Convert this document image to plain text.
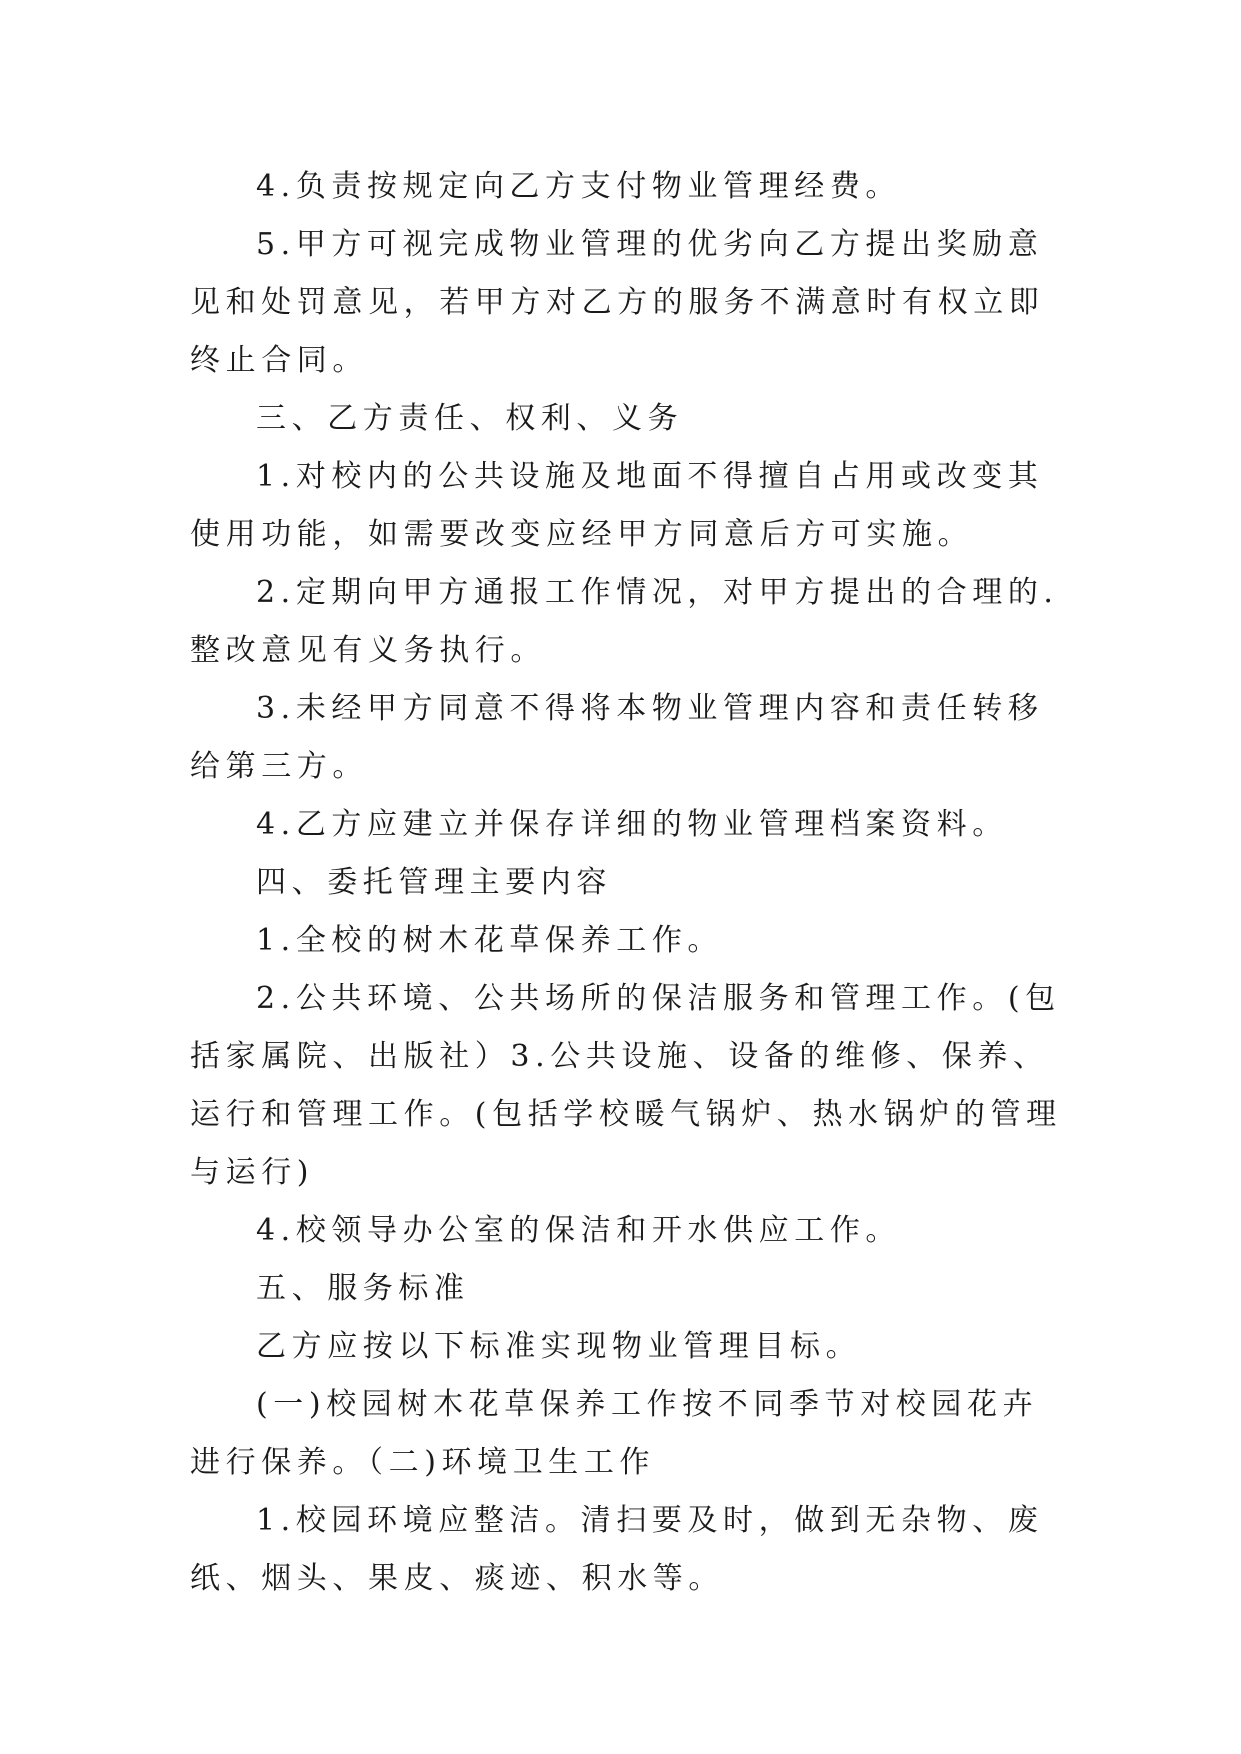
4.负责按规定向乙方支付物业管理经费。

5.甲方可视完成物业管理的优劣向乙方提出奖励意见和处罚意见，若甲方对乙方的服务不满意时有权立即终止合同。

三、乙方责任、权利、义务

1.对校内的公共设施及地面不得擅自占用或改变其使用功能，如需要改变应经甲方同意后方可实施。

2.定期向甲方通报工作情况，对甲方提出的合理的.整改意见有义务执行。

3.未经甲方同意不得将本物业管理内容和责任转移给第三方。

4.乙方应建立并保存详细的物业管理档案资料。

四、委托管理主要内容

1.全校的树木花草保养工作。

2.公共环境、公共场所的保洁服务和管理工作。(包括家属院、出版社）3.公共设施、设备的维修、保养、运行和管理工作。(包括学校暖气锅炉、热水锅炉的管理与运行)

4.校领导办公室的保洁和开水供应工作。

五、服务标准

乙方应按以下标准实现物业管理目标。

(一)校园树木花草保养工作按不同季节对校园花卉进行保养。（二)环境卫生工作

1.校园环境应整洁。清扫要及时，做到无杂物、废纸、烟头、果皮、痰迹、积水等。
